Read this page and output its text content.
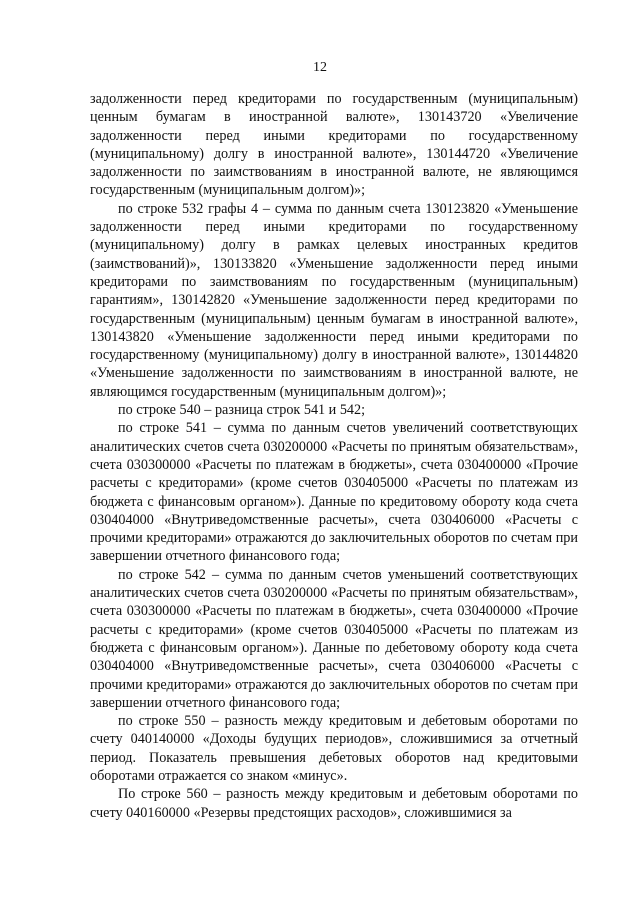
12

задолженности перед кредиторами по государственным (муниципальным) ценным бумагам в иностранной валюте», 130143720 «Увеличение задолженности перед иными кредиторами по государственному (муниципальному) долгу в иностранной валюте», 130144720 «Увеличение задолженности по заимствованиям в иностранной валюте, не являющимся государственным (муниципальным долгом)»;

по строке 532 графы 4 – сумма по данным счета 130123820 «Уменьшение задолженности перед иными кредиторами по государственному (муниципальному) долгу в рамках целевых иностранных кредитов (заимствований)», 130133820 «Уменьшение задолженности перед иными кредиторами по заимствованиям по государственным (муниципальным) гарантиям», 130142820 «Уменьшение задолженности перед кредиторами по государственным (муниципальным) ценным бумагам в иностранной валюте», 130143820 «Уменьшение задолженности перед иными кредиторами по государственному (муниципальному) долгу в иностранной валюте», 130144820 «Уменьшение задолженности по заимствованиям в иностранной валюте, не являющимся государственным (муниципальным долгом)»;

по строке 540 – разница строк 541 и 542;

по строке 541 – сумма по данным счетов увеличений соответствующих аналитических счетов счета 030200000 «Расчеты по принятым обязательствам», счета 030300000 «Расчеты по платежам в бюджеты», счета 030400000 «Прочие расчеты с кредиторами» (кроме счетов 030405000 «Расчеты по платежам из бюджета с финансовым органом»). Данные по кредитовому обороту кода счета 030404000 «Внутриведомственные расчеты», счета 030406000 «Расчеты с прочими кредиторами» отражаются до заключительных оборотов по счетам при завершении отчетного финансового года;

по строке 542 – сумма по данным счетов уменьшений соответствующих аналитических счетов счета 030200000 «Расчеты по принятым обязательствам», счета 030300000 «Расчеты по платежам в бюджеты», счета 030400000 «Прочие расчеты с кредиторами» (кроме счетов 030405000 «Расчеты по платежам из бюджета с финансовым органом»). Данные по дебетовому обороту кода счета 030404000 «Внутриведомственные расчеты», счета 030406000 «Расчеты с прочими кредиторами» отражаются до заключительных оборотов по счетам при завершении отчетного финансового года;

по строке 550 – разность между кредитовым и дебетовым оборотами по счету 040140000 «Доходы будущих периодов», сложившимися за отчетный период. Показатель превышения дебетовых оборотов над кредитовыми оборотами отражается со знаком «минус».

По строке 560 – разность между кредитовым и дебетовым оборотами по счету 040160000 «Резервы предстоящих расходов», сложившимися за
